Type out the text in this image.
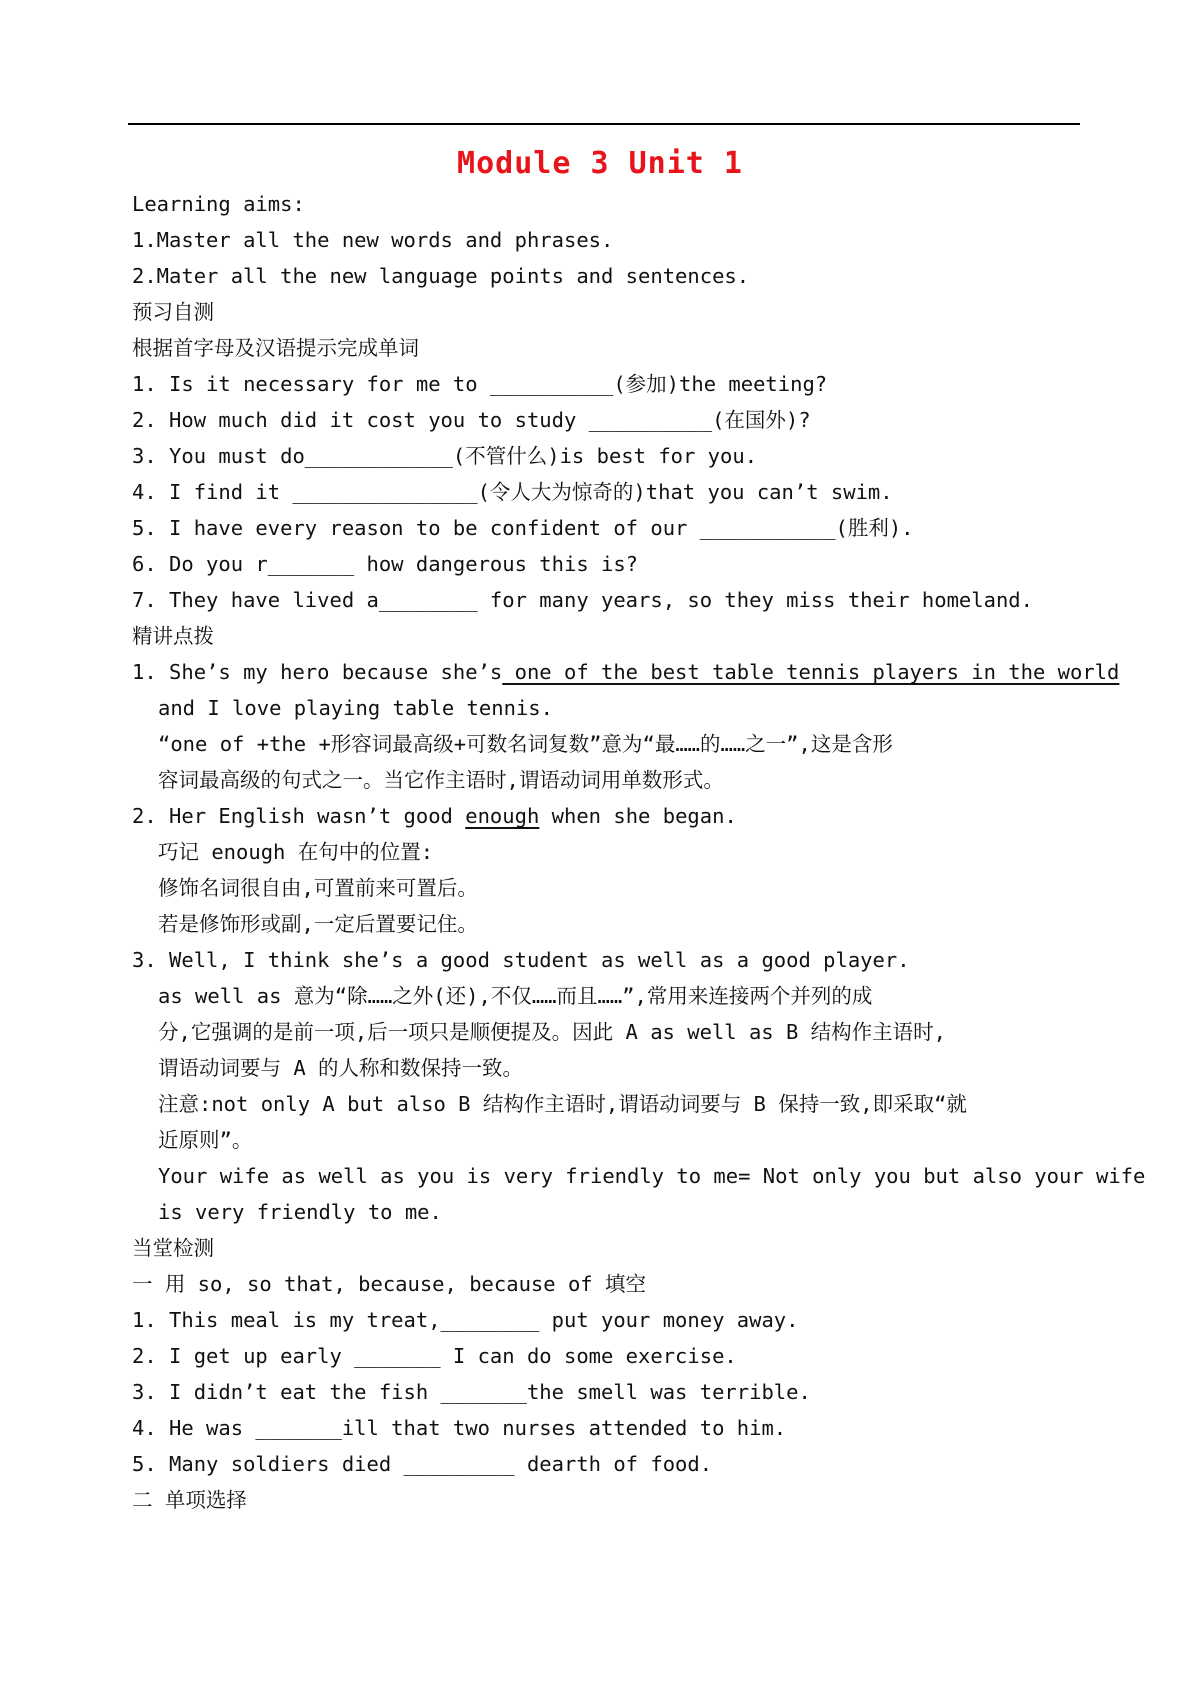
Module 3 Unit 1
Learning aims:
1.Master all the new words and phrases.
2.Mater all the new language points and sentences.
预习自测
根据首字母及汉语提示完成单词
1. Is it necessary for me to __________(参加)the meeting?
2. How much did it cost you to study __________(在国外)?
3. You must do____________(不管什么)is best for you.
4. I find it _______________(令人大为惊奇的)that you can’t swim.
5. I have every reason to be confident of our ___________(胜利).
6. Do you r_______ how dangerous this is?
7. They have lived a________ for many years, so they miss their homeland.
精讲点拨
1. She’s my hero because she’s one of the best table tennis players in the world
and I love playing table tennis.
“one of +the +形容词最高级+可数名词复数”意为“最……的……之一”,这是含形
容词最高级的句式之一。当它作主语时,谓语动词用单数形式。
2. Her English wasn’t good enough when she began.
巧记 enough 在句中的位置:
修饰名词很自由,可置前来可置后。
若是修饰形或副,一定后置要记住。
3. Well, I think she’s a good student as well as a good player.
as well as 意为“除……之外(还),不仅……而且……”,常用来连接两个并列的成
分,它强调的是前一项,后一项只是顺便提及。因此 A as well as B 结构作主语时,
谓语动词要与 A 的人称和数保持一致。
注意:not only A but also B 结构作主语时,谓语动词要与 B 保持一致,即采取“就
近原则”。
Your wife as well as you is very friendly to me= Not only you but also your wife
is very friendly to me.
当堂检测
一 用 so, so that, because, because of 填空
1. This meal is my treat,________ put your money away.
2. I get up early _______ I can do some exercise.
3. I didn’t eat the fish _______the smell was terrible.
4. He was _______ill that two nurses attended to him.
5. Many soldiers died _________ dearth of food.
二 单项选择
